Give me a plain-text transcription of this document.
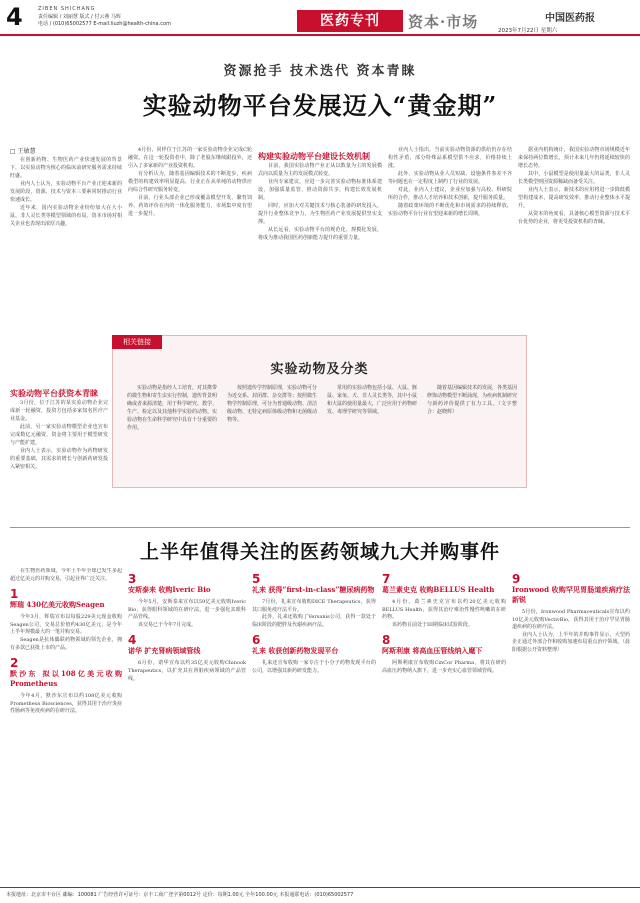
4	ZIBEN SHICHANG
责任编辑 / 刘丽慧 版式 / 付云燕 马辉
电话 / (010)65002577 E-mail:liuzh@health-china.com	医药专刊	资本·市场	中国医药报
2023年7月22日 星期六
资源抢手 技术迭代 资本青睐
实验动物平台发展迈入“黄金期”
□ 王敏慧

在创新药物、生物医药产业快速发展的背景下，以实验动物为核心的临床前研究服务需求持续旺盛。

业内人士认为，实验动物平台产业正迎来新的发展阶段，资源、技术与资本三要素同时推动行业快速成长。

近年来，国内实验动物企业纷纷加大在大小鼠、非人灵长类等模型领域的布局，资本市场对相关企业也表现出浓厚兴趣。

实验动物平台获资本青睐

3月份，位于江苏的某实验动物企业完成新一轮融资，投资方包括多家知名医疗产业基金。

此前，另一家实验动物模型企业也宣布完成数亿元融资，资金将主要用于模型研发与产能扩建。

业内人士表示，实验动物作为药物研发的重要基础，其需求的增长与创新药研发投入紧密相关。

4月份，同样位于江苏的一家实验动物企业完成C轮融资。在这一轮投资者中，除了老股东继续跟投外，还引入了多家新的产业投资机构。

有分析认为，随着基因编辑技术的不断进步，疾病模型的构建效率明显提高，行业正在从单纯的动物供应向综合性研究服务转变。

目前，行业头部企业已形成覆盖模型开发、繁育饲养、药效评价在内的一体化服务能力，市场集中度有望进一步提升。

构建实验动物平台建设长效机制

目前，我国实验动物产业正从以数量为主的发展模式向以质量为主的发展模式转变。

业内专家建议，应进一步完善实验动物标准体系建设，加强质量监管，推动资源共享，构建长效发展机制。

同时，应加大对关键技术与核心装备的研发投入，提升行业整体竞争力，为生物医药产业发展提供坚实支撑。

从长远看，实验动物平台的规范化、规模化发展，将成为推动我国医药创新能力提升的重要力量。

业内人士指出，当前实验动物资源的供给仍存在结构性矛盾，部分特殊品系模型供不应求，价格持续上涨。

此外，实验动物从业人员短缺、设施条件参差不齐等问题也在一定程度上制约了行业的发展。

对此，业内人士建议，企业应加强与高校、科研院所的合作，推动人才培养和技术创新，提升服务质量。

随着政策环境的不断优化和市场需求的持续释放，实验动物平台行业有望迎来新的增长周期。

据业内机构统计，我国实验动物市场规模近年来保持两位数增长，预计未来几年仍将延续较快的增长态势。

其中，小鼠模型是使用量最大的品类，非人灵长类模型则因资源稀缺而备受关注。

业内人士表示，新技术的应用将进一步降低模型构建成本，提高研发效率，推动行业整体水平提升。

从资本的角度看，具备核心模型资源与技术平台优势的企业，将更受投资机构的青睐。

相关链接
实验动物及分类

实验动物是指经人工培育，对其携带的微生物和寄生虫实行控制，遗传背景明确或者来源清楚，用于科学研究、教学、生产、检定以及其他科学实验的动物。实验动物在生命科学研究中具有十分重要的作用。

按照遗传学控制原理，实验动物可分为近交系、封闭群、杂交群等；按照微生物学控制原理，可分为普通级动物、清洁级动物、无特定病原体级动物和无菌级动物等。

常用的实验动物包括小鼠、大鼠、豚鼠、家兔、犬、非人灵长类等，其中小鼠和大鼠的使用量最大，广泛应用于药物研发、毒理学研究等领域。

随着基因编辑技术的发展，各类基因修饰动物模型不断涌现，为疾病机制研究与新药评价提供了有力工具。（文字整合：赵晓辉）

上半年值得关注的医药领域九大并购事件

在生物医药领域，今年上半年全球已发生多起超过亿美元的并购交易，引起业界广泛关注。

1
辉瑞 430亿美元收购Seagen

今年3月，辉瑞宣布以每股229美元现金收购Seagen公司，交易总价值约430亿美元，是今年上半年规模最大的一笔并购交易。

Seagen是抗体偶联药物领域的领先企业，拥有多款已获批上市的产品。

2
默沙东 拟以108亿美元收购Prometheus

今年4月，默沙东宣布以约108亿美元收购Prometheus Biosciences，获得其用于治疗炎症性肠病等免疫疾病的在研疗法。

3
安斯泰来 收购Iveric Bio

今年5月，安斯泰来宣布以59亿美元收购Iveric Bio，获得眼科领域的在研疗法，进一步强化其眼科产品管线。

该交易已于今年7月完成。

4
诺华 扩充肾病领域管线

6月份，诺华宣布以约35亿美元收购Chinook Therapeutics，以扩充其在肾脏疾病领域的产品管线。

5
礼来 获得“first-in-class”糖尿病药物

7月份，礼来宣布收购DICE Therapeutics，获得其口服免疫疗法平台。

此外，礼来还收购了Versanis公司，获得一款处于临床阶段的肥胖及代谢疾病疗法。

6
礼来 收获创新药物发现平台

礼来还宣布收购一家专注于小分子药物发现平台的公司，以增强其新药研发能力。

7
葛兰素史克 收购BELLUS Health

4月份，葛兰素史克宣布以约20亿美元收购BELLUS Health，获得其治疗难治性慢性咳嗽的在研药物。

该药物目前处于III期临床试验阶段。

8
阿斯利康 将高血压管线纳入麾下

阿斯利康宣布收购CinCor Pharma，将其在研的高血压药物纳入旗下，进一步充实心血管领域管线。

9
Ironwood 收购罕见胃肠道疾病疗法新锐

5月份，Ironwood Pharmaceuticals宣布以约10亿美元收购VectivBio，获得其用于治疗罕见胃肠道疾病的在研疗法。

业内人士认为，上半年的并购事件显示，大型药企正通过外部合作和收购加速布局重点治疗领域。（晨阳根据公开资料整理）

本报地址：北京市丰台区 邮编：100081 广告经营许可证号：京丰工商广登字第0012号 定价：每期1.00元 全年100.00元 本报通联电话：(010)65002577
